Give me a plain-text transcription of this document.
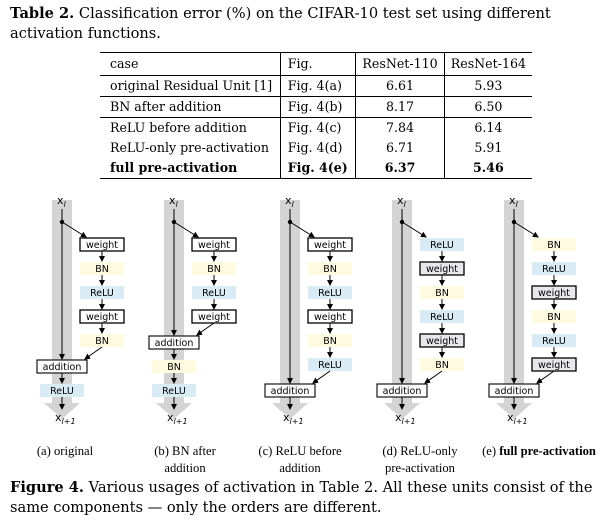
Table 2. Classification error (%) on the CIFAR-10 test set using different activation functions.
case	Fig.	ResNet-110	ResNet-164
original Residual Unit [1]	Fig. 4(a)	6.61	5.93
BN after addition	Fig. 4(b)	8.17	6.50
ReLU before addition	Fig. 4(c)	7.84	6.14
ReLU-only pre-activation	Fig. 4(d)	6.71	5.91
full pre-activation	Fig. 4(e)	6.37	5.46
$x_l$
weight
BN
ReLU
weight
BN
addition
ReLU
$x_{l+1}$
$x_l$
weight
BN
ReLU
weight
addition
BN
ReLU
$x_{l+1}$
$x_l$
weight
BN
ReLU
weight
BN
ReLU
addition
$x_{l+1}$
$x_l$
ReLU
weight
BN
ReLU
weight
BN
addition
$x_{l+1}$
$x_l$
BN
ReLU
weight
BN
ReLU
weight
addition
$x_{l+1}$
(a) original	(b) BN after
addition
(c) ReLU before
addition
(d) ReLU-only
pre-activation
(e) full pre-activation
Figure 4. Various usages of activation in Table 2. All these units consist of the same components — only the orders are different.
